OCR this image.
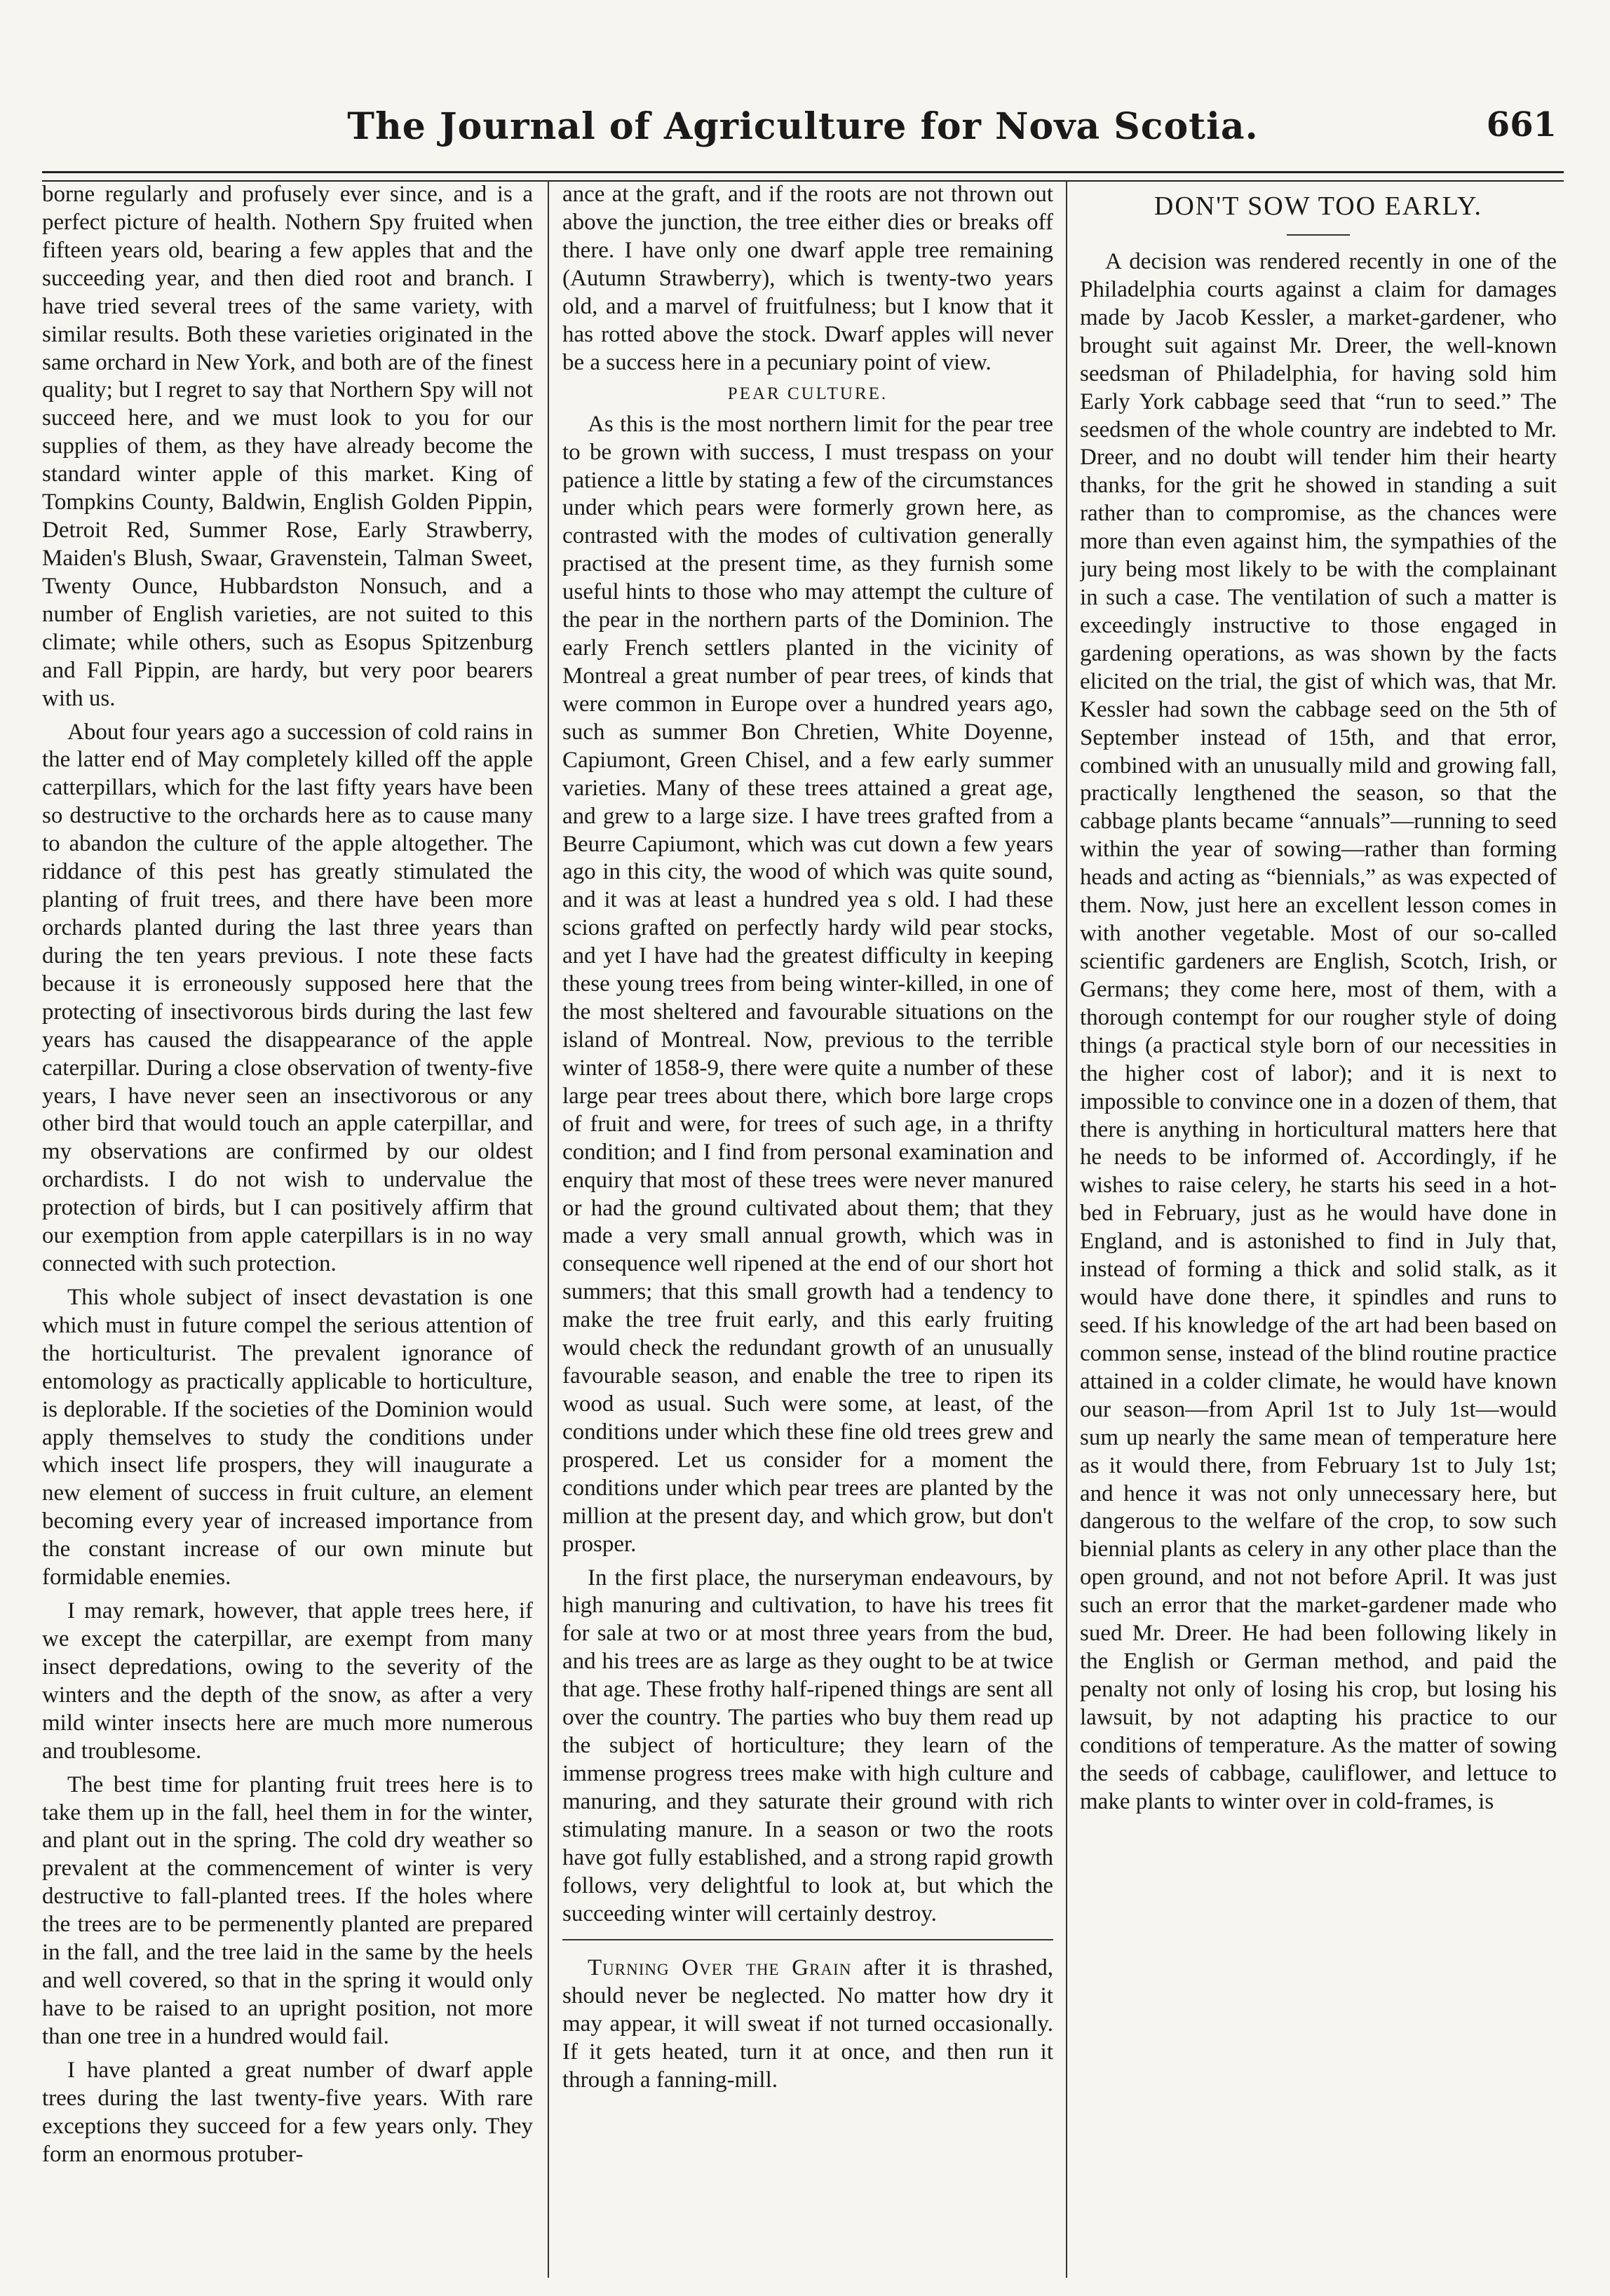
The Journal of Agriculture for Nova Scotia.	661

borne regularly and profusely ever since, and is a perfect picture of health. Nothern Spy fruited when fifteen years old, bearing a few apples that and the succeeding year, and then died root and branch. I have tried several trees of the same variety, with similar results. Both these varieties originated in the same orchard in New York, and both are of the finest quality; but I regret to say that Northern Spy will not succeed here, and we must look to you for our supplies of them, as they have already become the standard winter apple of this market. King of Tompkins County, Baldwin, English Golden Pippin, Detroit Red, Summer Rose, Early Strawberry, Maiden's Blush, Swaar, Gravenstein, Talman Sweet, Twenty Ounce, Hubbardston Nonsuch, and a number of English varieties, are not suited to this climate; while others, such as Esopus Spitzenburg and Fall Pippin, are hardy, but very poor bearers with us.

About four years ago a succession of cold rains in the latter end of May completely killed off the apple catterpillars, which for the last fifty years have been so destructive to the orchards here as to cause many to abandon the culture of the apple altogether. The riddance of this pest has greatly stimulated the planting of fruit trees, and there have been more orchards planted during the last three years than during the ten years previous. I note these facts because it is erroneously supposed here that the protecting of insectivorous birds during the last few years has caused the disappearance of the apple caterpillar. During a close observation of twenty-five years, I have never seen an insectivorous or any other bird that would touch an apple caterpillar, and my observations are confirmed by our oldest orchardists. I do not wish to undervalue the protection of birds, but I can positively affirm that our exemption from apple caterpillars is in no way connected with such protection.

This whole subject of insect devastation is one which must in future compel the serious attention of the horticulturist. The prevalent ignorance of entomology as practically applicable to horticulture, is deplorable. If the societies of the Dominion would apply themselves to study the conditions under which insect life prospers, they will inaugurate a new element of success in fruit culture, an element becoming every year of increased importance from the constant increase of our own minute but formidable enemies.

I may remark, however, that apple trees here, if we except the caterpillar, are exempt from many insect depredations, owing to the severity of the winters and the depth of the snow, as after a very mild winter insects here are much more numerous and troublesome.

The best time for planting fruit trees here is to take them up in the fall, heel them in for the winter, and plant out in the spring. The cold dry weather so prevalent at the commencement of winter is very destructive to fall-planted trees. If the holes where the trees are to be permenently planted are prepared in the fall, and the tree laid in the same by the heels and well covered, so that in the spring it would only have to be raised to an upright position, not more than one tree in a hundred would fail.

I have planted a great number of dwarf apple trees during the last twenty-five years. With rare exceptions they succeed for a few years only. They form an enormous protuber-

ance at the graft, and if the roots are not thrown out above the junction, the tree either dies or breaks off there. I have only one dwarf apple tree remaining (Autumn Strawberry), which is twenty-two years old, and a marvel of fruitfulness; but I know that it has rotted above the stock. Dwarf apples will never be a success here in a pecuniary point of view.

PEAR CULTURE.

As this is the most northern limit for the pear tree to be grown with success, I must trespass on your patience a little by stating a few of the circumstances under which pears were formerly grown here, as contrasted with the modes of cultivation generally practised at the present time, as they furnish some useful hints to those who may attempt the culture of the pear in the northern parts of the Dominion. The early French settlers planted in the vicinity of Montreal a great number of pear trees, of kinds that were common in Europe over a hundred years ago, such as summer Bon Chretien, White Doyenne, Capiumont, Green Chisel, and a few early summer varieties. Many of these trees attained a great age, and grew to a large size. I have trees grafted from a Beurre Capiumont, which was cut down a few years ago in this city, the wood of which was quite sound, and it was at least a hundred yea s old. I had these scions grafted on perfectly hardy wild pear stocks, and yet I have had the greatest difficulty in keeping these young trees from being winter-killed, in one of the most sheltered and favourable situations on the island of Montreal. Now, previous to the terrible winter of 1858-9, there were quite a number of these large pear trees about there, which bore large crops of fruit and were, for trees of such age, in a thrifty condition; and I find from personal examination and enquiry that most of these trees were never manured or had the ground cultivated about them; that they made a very small annual growth, which was in consequence well ripened at the end of our short hot summers; that this small growth had a tendency to make the tree fruit early, and this early fruiting would check the redundant growth of an unusually favourable season, and enable the tree to ripen its wood as usual. Such were some, at least, of the conditions under which these fine old trees grew and prospered. Let us consider for a moment the conditions under which pear trees are planted by the million at the present day, and which grow, but don't prosper.

In the first place, the nurseryman endeavours, by high manuring and cultivation, to have his trees fit for sale at two or at most three years from the bud, and his trees are as large as they ought to be at twice that age. These frothy half-ripened things are sent all over the country. The parties who buy them read up the subject of horticulture; they learn of the immense progress trees make with high culture and manuring, and they saturate their ground with rich stimulating manure. In a season or two the roots have got fully established, and a strong rapid growth follows, very delightful to look at, but which the succeeding winter will certainly destroy.

Turning Over the Grain after it is thrashed, should never be neglected. No matter how dry it may appear, it will sweat if not turned occasionally. If it gets heated, turn it at once, and then run it through a fanning-mill.

DON'T SOW TOO EARLY.

A decision was rendered recently in one of the Philadelphia courts against a claim for damages made by Jacob Kessler, a market-gardener, who brought suit against Mr. Dreer, the well-known seedsman of Philadelphia, for having sold him Early York cabbage seed that “run to seed.” The seedsmen of the whole country are indebted to Mr. Dreer, and no doubt will tender him their hearty thanks, for the grit he showed in standing a suit rather than to compromise, as the chances were more than even against him, the sympathies of the jury being most likely to be with the complainant in such a case. The ventilation of such a matter is exceedingly instructive to those engaged in gardening operations, as was shown by the facts elicited on the trial, the gist of which was, that Mr. Kessler had sown the cabbage seed on the 5th of September instead of 15th, and that error, combined with an unusually mild and growing fall, practically lengthened the season, so that the cabbage plants became “annuals”—running to seed within the year of sowing—rather than forming heads and acting as “biennials,” as was expected of them. Now, just here an excellent lesson comes in with another vegetable. Most of our so-called scientific gardeners are English, Scotch, Irish, or Germans; they come here, most of them, with a thorough contempt for our rougher style of doing things (a practical style born of our necessities in the higher cost of labor); and it is next to impossible to convince one in a dozen of them, that there is anything in horticultural matters here that he needs to be informed of. Accordingly, if he wishes to raise celery, he starts his seed in a hot-bed in February, just as he would have done in England, and is astonished to find in July that, instead of forming a thick and solid stalk, as it would have done there, it spindles and runs to seed. If his knowledge of the art had been based on common sense, instead of the blind routine practice attained in a colder climate, he would have known our season—from April 1st to July 1st—would sum up nearly the same mean of temperature here as it would there, from February 1st to July 1st; and hence it was not only unnecessary here, but dangerous to the welfare of the crop, to sow such biennial plants as celery in any other place than the open ground, and not not before April. It was just such an error that the market-gardener made who sued Mr. Dreer. He had been following likely in the English or German method, and paid the penalty not only of losing his crop, but losing his lawsuit, by not adapting his practice to our conditions of temperature. As the matter of sowing the seeds of cabbage, cauliflower, and lettuce to make plants to winter over in cold-frames, is
